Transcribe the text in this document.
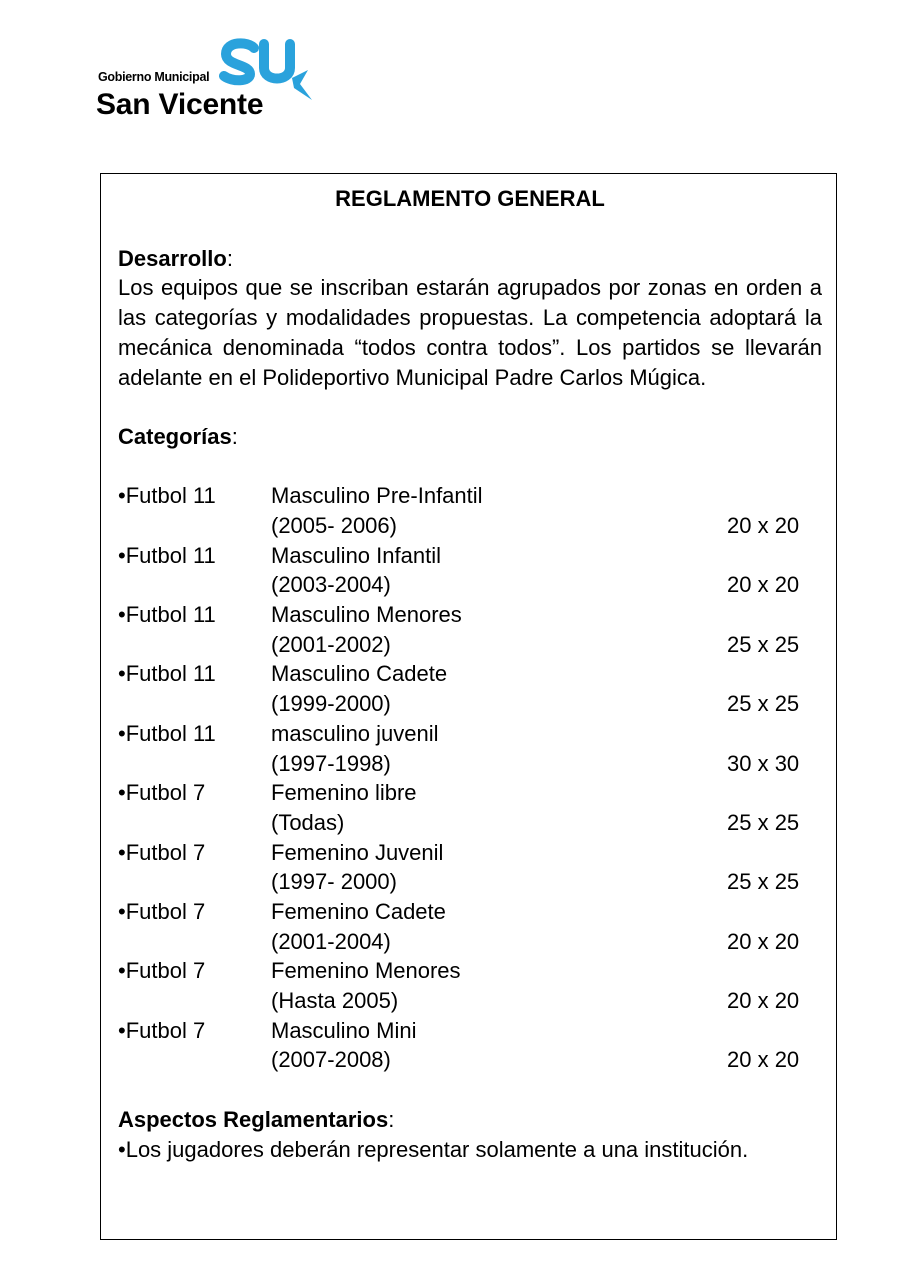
Gobierno Municipal
San Vicente

REGLAMENTO GENERAL

Desarrollo:

Los equipos que se inscriban estarán agrupados por zonas en orden a las categorías y modalidades propuestas. La competencia adoptará la mecánica denominada “todos contra todos”. Los partidos se llevarán adelante en el Polideportivo Municipal Padre Carlos Múgica.

Categorías:

•Futbol 11	Masculino Pre-Infantil
(2005- 2006)	20 x 20
•Futbol 11	Masculino Infantil
(2003-2004)	20 x 20
•Futbol 11	Masculino Menores
(2001-2002)	25 x 25
•Futbol 11	Masculino Cadete
(1999-2000)	25 x 25
•Futbol 11	masculino juvenil
(1997-1998)	30 x 30
•Futbol 7	Femenino libre
(Todas)	25 x 25
•Futbol 7	Femenino Juvenil
(1997- 2000)	25 x 25
•Futbol 7	Femenino Cadete
(2001-2004)	20 x 20
•Futbol 7	Femenino Menores
(Hasta 2005)	20 x 20
•Futbol 7	Masculino Mini
(2007-2008)	20 x 20

Aspectos Reglamentarios:

•Los jugadores deberán representar solamente a una institución.
